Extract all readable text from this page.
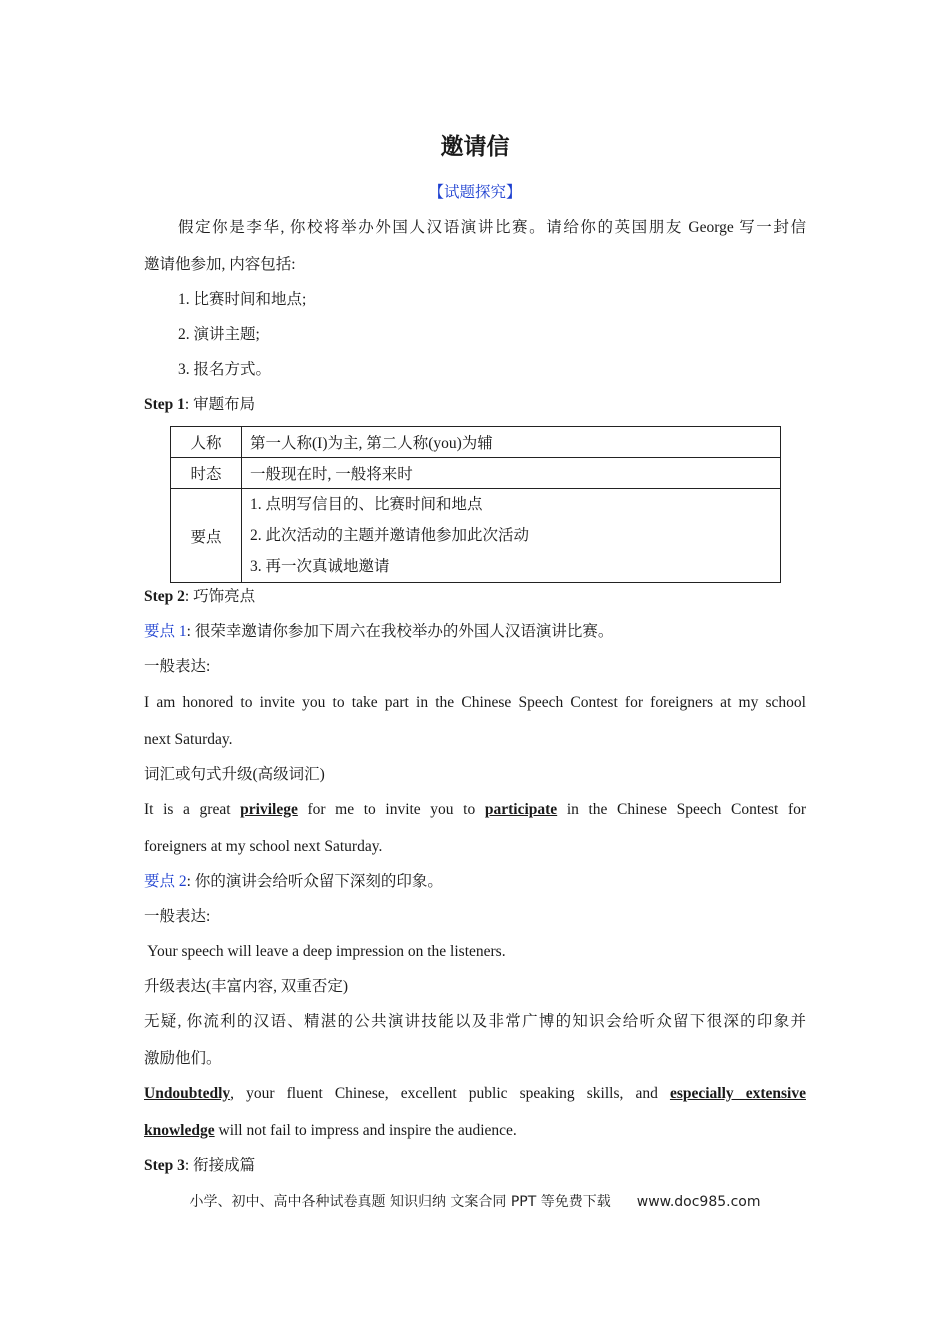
邀请信
【试题探究】
假定你是李华, 你校将举办外国人汉语演讲比赛。请给你的英国朋友 George 写一封信
邀请他参加, 内容包括:
1. 比赛时间和地点;
2. 演讲主题;
3. 报名方式。
Step 1: 审题布局
人称	第一人称(I)为主, 第二人称(you)为辅
时态	一般现在时, 一般将来时
要点	1. 点明写信目的、比赛时间和地点
2. 此次活动的主题并邀请他参加此次活动
3. 再一次真诚地邀请
Step 2: 巧饰亮点
要点 1: 很荣幸邀请你参加下周六在我校举办的外国人汉语演讲比赛。
一般表达:
I am honored to invite you to take part in the Chinese Speech Contest for foreigners at my school
next Saturday.
词汇或句式升级(高级词汇)
It is a great privilege for me to invite you to participate in the Chinese Speech Contest for
foreigners at my school next Saturday.
要点 2: 你的演讲会给听众留下深刻的印象。
一般表达:
Your speech will leave a deep impression on the listeners.
升级表达(丰富内容, 双重否定)
无疑, 你流利的汉语、精湛的公共演讲技能以及非常广博的知识会给听众留下很深的印象并
激励他们。
Undoubtedly, your fluent Chinese, excellent public speaking skills, and especially extensive
knowledge will not fail to impress and inspire the audience.
Step 3: 衔接成篇
小学、初中、高中各种试卷真题 知识归纳 文案合同 PPT 等免费下载 www.doc985.com
